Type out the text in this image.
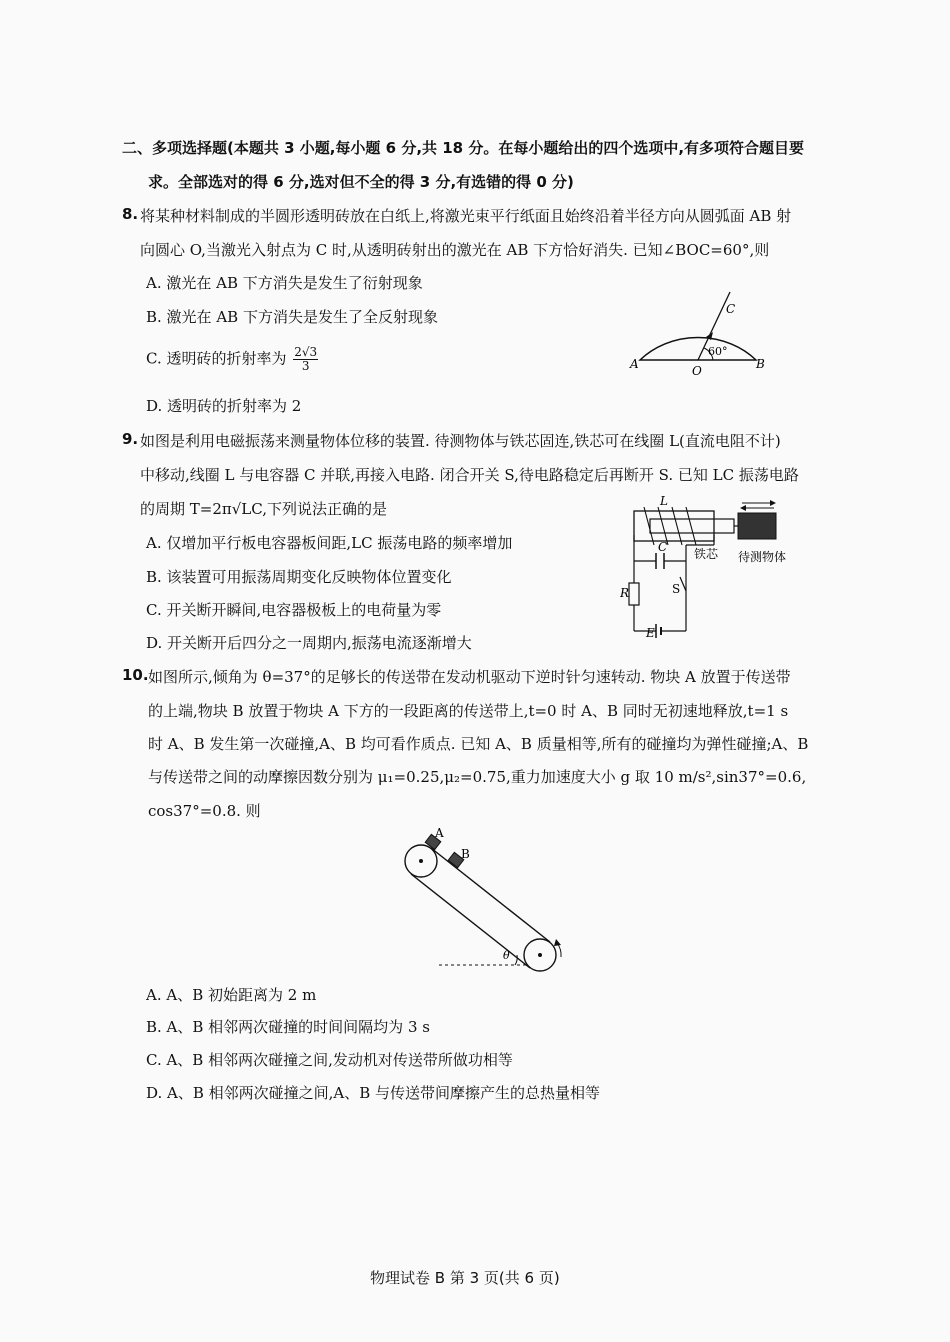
二、多项选择题(本题共 3 小题,每小题 6 分,共 18 分。在每小题给出的四个选项中,有多项符合题目要
求。全部选对的得 6 分,选对但不全的得 3 分,有选错的得 0 分)
8. 将某种材料制成的半圆形透明砖放在白纸上,将激光束平行纸面且始终沿着半径方向从圆弧面 AB 射
向圆心 O,当激光入射点为 C 时,从透明砖射出的激光在 AB 下方恰好消失. 已知∠BOC=60°,则
A. 激光在 AB 下方消失是发生了衍射现象
B. 激光在 AB 下方消失是发生了全反射现象
C. 透明砖的折射率为 $\frac{2√3}{3}$
D. 透明砖的折射率为 2
A	O	B
C
60°
9. 如图是利用电磁振荡来测量物体位移的装置. 待测物体与铁芯固连,铁芯可在线圈 L(直流电阻不计)
中移动,线圈 L 与电容器 C 并联,再接入电路. 闭合开关 S,待电路稳定后再断开 S. 已知 LC 振荡电路
的周期 T=2π√LC,下列说法正确的是
A. 仅增加平行板电容器板间距,LC 振荡电路的频率增加
B. 该装置可用振荡周期变化反映物体位置变化
C. 开关断开瞬间,电容器极板上的电荷量为零
D. 开关断开后四分之一周期内,振荡电流逐渐增大
L
C
R	S
E
铁芯 待测物体
10. 如图所示,倾角为 θ=37°的足够长的传送带在发动机驱动下逆时针匀速转动. 物块 A 放置于传送带
的上端,物块 B 放置于物块 A 下方的一段距离的传送带上,t=0 时 A、B 同时无初速地释放,t=1 s
时 A、B 发生第一次碰撞,A、B 均可看作质点. 已知 A、B 质量相等,所有的碰撞均为弹性碰撞;A、B
与传送带之间的动摩擦因数分别为 μ₁=0.25,μ₂=0.75,重力加速度大小 g 取 10 m/s²,sin37°=0.6,
cos37°=0.8. 则
A
B
θ
A. A、B 初始距离为 2 m
B. A、B 相邻两次碰撞的时间间隔均为 3 s
C. A、B 相邻两次碰撞之间,发动机对传送带所做功相等
D. A、B 相邻两次碰撞之间,A、B 与传送带间摩擦产生的总热量相等
物理试卷 B 第 3 页(共 6 页)
